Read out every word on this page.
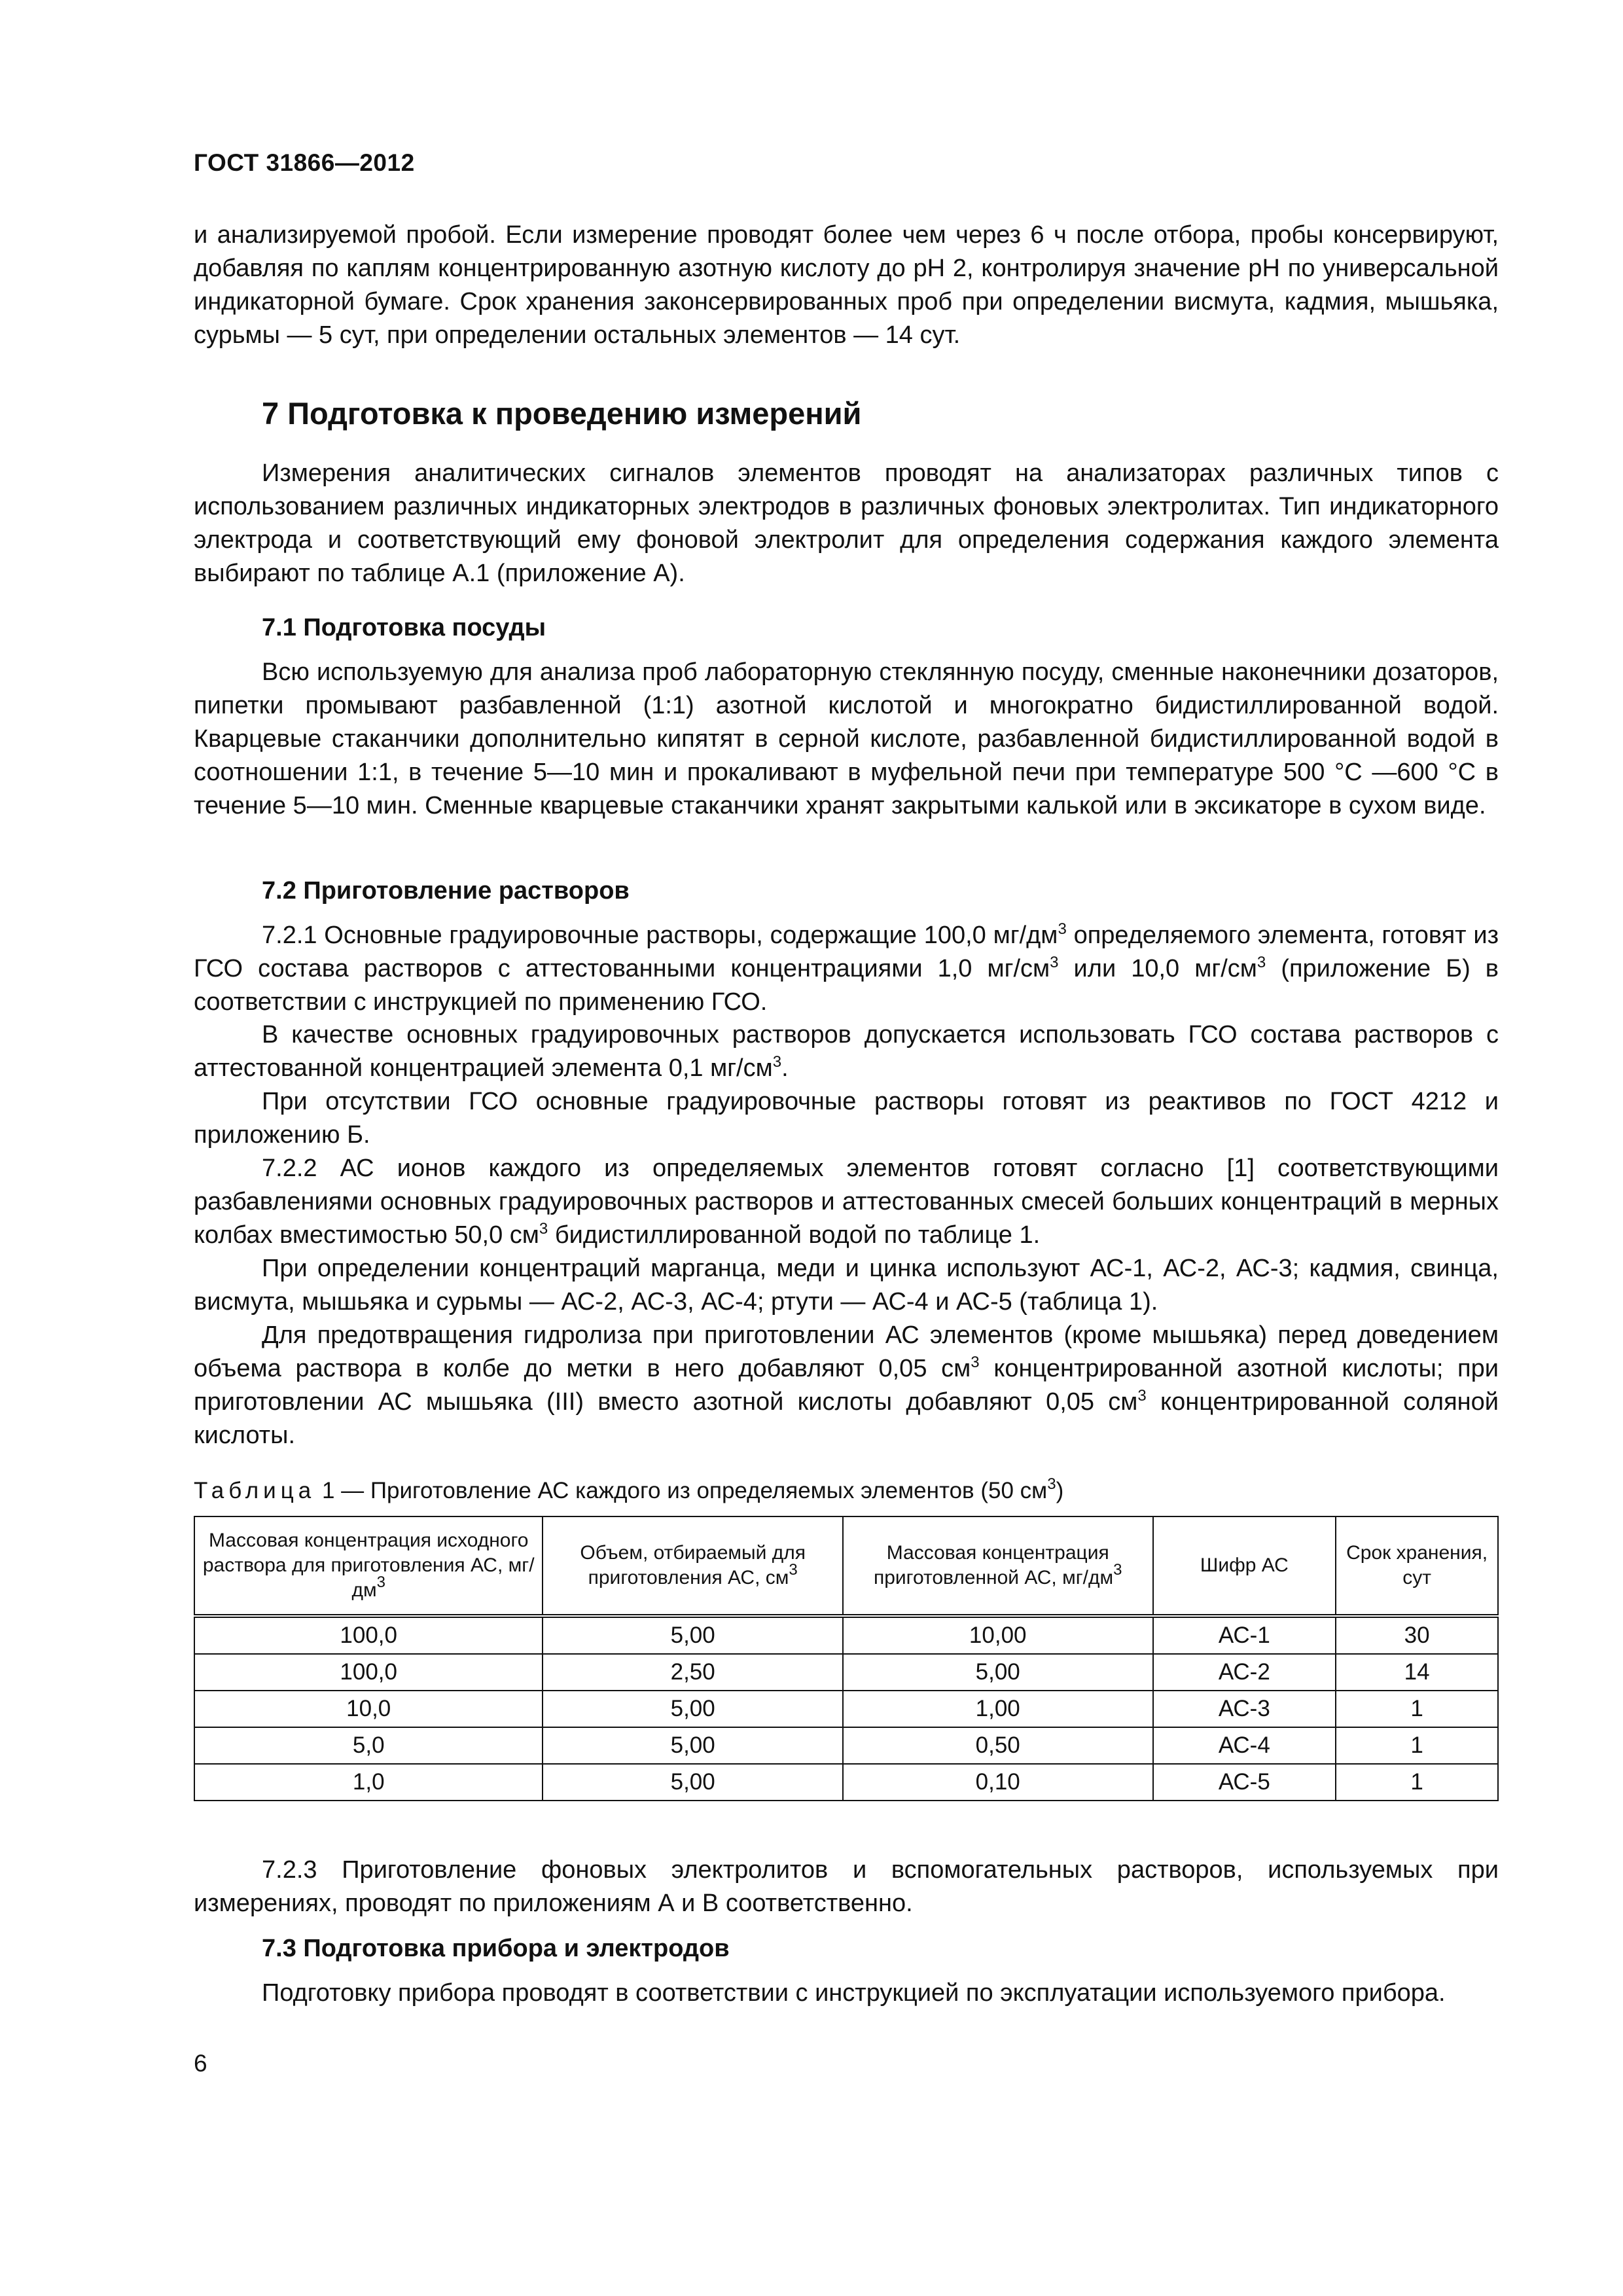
ГОСТ 31866—2012
и анализируемой пробой. Если измерение проводят более чем через 6 ч после отбора, пробы консервируют, добавляя по каплям концентрированную азотную кислоту до pH 2, контролируя значение pH по универсальной индикаторной бумаге. Срок хранения законсервированных проб при определении висмута, кадмия, мышьяка, сурьмы — 5 сут, при определении остальных элементов — 14 сут.
7 Подготовка к проведению измерений
Измерения аналитических сигналов элементов проводят на анализаторах различных типов с использованием различных индикаторных электродов в различных фоновых электролитах. Тип индикаторного электрода и соответствующий ему фоновой электролит для определения содержания каждого элемента выбирают по таблице А.1 (приложение А).
7.1 Подготовка посуды
Всю используемую для анализа проб лабораторную стеклянную посуду, сменные наконечники дозаторов, пипетки промывают разбавленной (1:1) азотной кислотой и многократно бидистиллированной водой. Кварцевые стаканчики дополнительно кипятят в серной кислоте, разбавленной бидистиллированной водой в соотношении 1:1, в течение 5—10 мин и прокаливают в муфельной печи при температуре 500 °С —600 °С в течение 5—10 мин. Сменные кварцевые стаканчики хранят закрытыми калькой или в эксикаторе в сухом виде.
7.2 Приготовление растворов
7.2.1 Основные градуировочные растворы, содержащие 100,0 $мг/дм^3$ определяемого элемента, готовят из ГСО состава растворов с аттестованными концентрациями 1,0 $мг/см^3$ или 10,0 $мг/см^3$ (приложение Б) в соответствии с инструкцией по применению ГСО.
В качестве основных градуировочных растворов допускается использовать ГСО состава растворов с аттестованной концентрацией элемента 0,1 $мг/см^3$.
При отсутствии ГСО основные градуировочные растворы готовят из реактивов по ГОСТ 4212 и приложению Б.
7.2.2 АС ионов каждого из определяемых элементов готовят согласно [1] соответствующими разбавлениями основных градуировочных растворов и аттестованных смесей больших концентраций в мерных колбах вместимостью 50,0 $см^3$ бидистиллированной водой по таблице 1.
При определении концентраций марганца, меди и цинка используют АС-1, АС-2, АС-3; кадмия, свинца, висмута, мышьяка и сурьмы — АС-2, АС-3, АС-4; ртути — АС-4 и АС-5 (таблица 1).
Для предотвращения гидролиза при приготовлении АС элементов (кроме мышьяка) перед доведением объема раствора в колбе до метки в него добавляют 0,05 $см^3$ концентрированной азотной кислоты; при приготовлении АС мышьяка (III) вместо азотной кислоты добавляют 0,05 $см^3$ концентрированной соляной кислоты.
Таблица 1 — Приготовление АС каждого из определяемых элементов (50 $см^3$)
Массовая концентрация исходного раствора для приготовления АС, $мг/дм^3$	Объем, отбираемый для приготовления АС, $см^3$	Массовая концентрация приготовленной АС, $мг/дм^3$	Шифр АС	Срок хранения, сут
100,0	5,00	10,00	АС-1	30
100,0	2,50	5,00	АС-2	14
10,0	5,00	1,00	АС-3	1
5,0	5,00	0,50	АС-4	1
1,0	5,00	0,10	АС-5	1
7.2.3 Приготовление фоновых электролитов и вспомогательных растворов, используемых при измерениях, проводят по приложениям А и В соответственно.
7.3 Подготовка прибора и электродов
Подготовку прибора проводят в соответствии с инструкцией по эксплуатации используемого прибора.
6
